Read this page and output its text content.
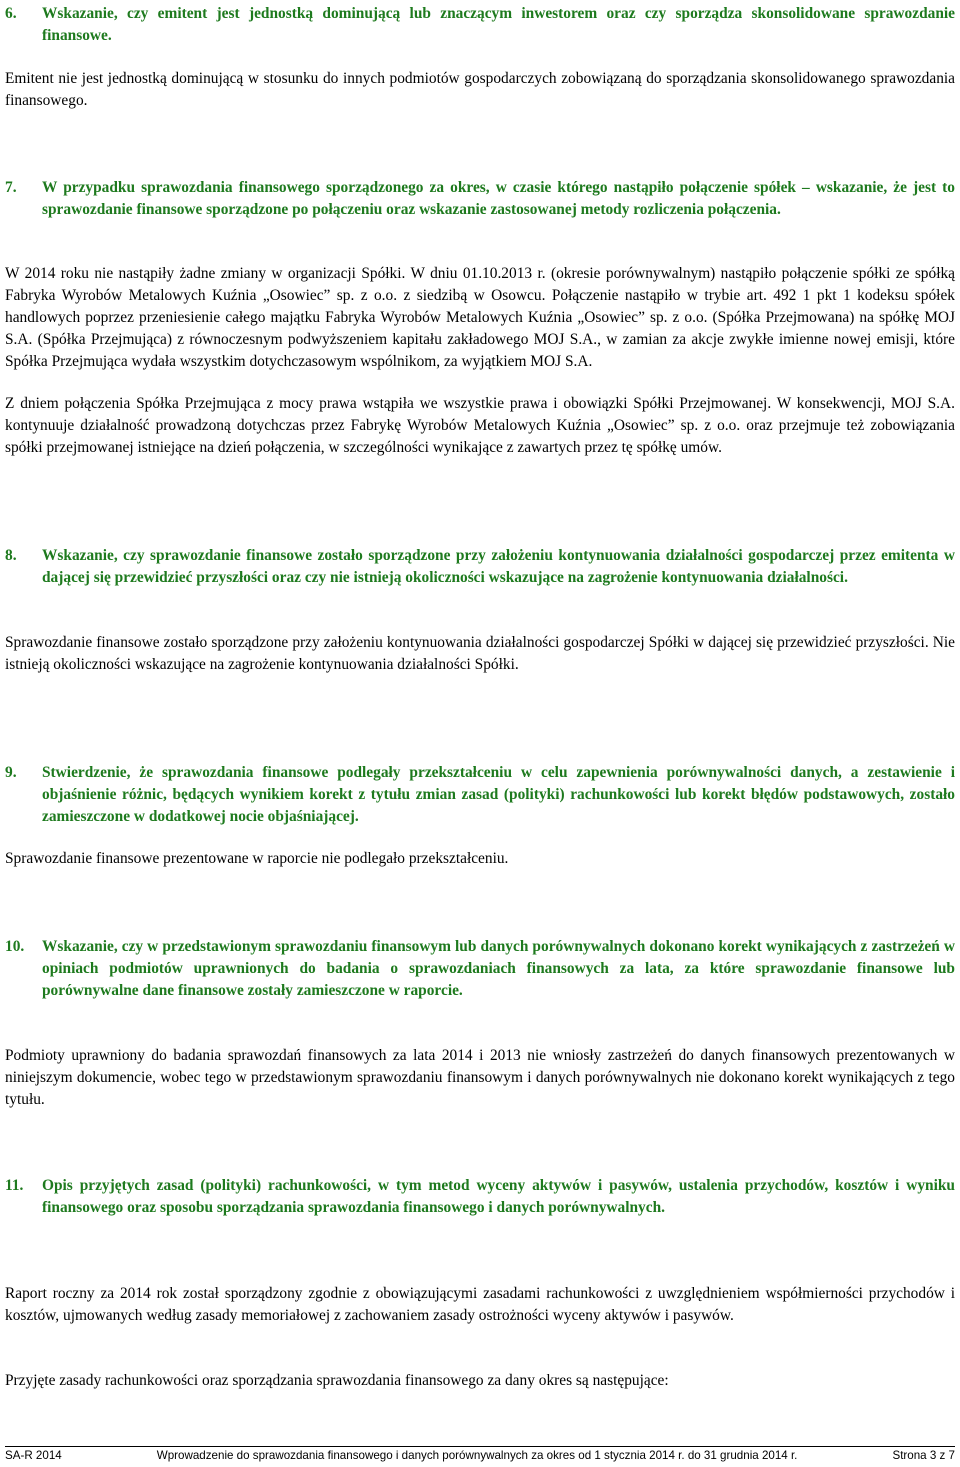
6.	Wskazanie, czy emitent jest jednostką dominującą lub znaczącym inwestorem oraz czy sporządza skonsolidowane sprawozdanie finansowe.
Emitent nie jest jednostką dominującą w stosunku do innych podmiotów gospodarczych zobowiązaną do sporządzania skonsolidowanego sprawozdania finansowego.
7.	W przypadku sprawozdania finansowego sporządzonego za okres, w czasie którego nastąpiło połączenie spółek – wskazanie, że jest to sprawozdanie finansowe sporządzone po połączeniu oraz wskazanie zastosowanej metody rozliczenia połączenia.
W 2014 roku nie nastąpiły żadne zmiany w organizacji Spółki. W dniu 01.10.2013 r. (okresie porównywalnym) nastąpiło połączenie spółki ze spółką Fabryka Wyrobów Metalowych Kuźnia „Osowiec” sp. z o.o. z siedzibą w Osowcu. Połączenie nastąpiło w trybie art. 492 1 pkt 1 kodeksu spółek handlowych poprzez przeniesienie całego majątku Fabryka Wyrobów Metalowych Kuźnia „Osowiec” sp. z o.o. (Spółka Przejmowana) na spółkę MOJ S.A. (Spółka Przejmująca) z równoczesnym podwyższeniem kapitału zakładowego MOJ S.A., w zamian za akcje zwykłe imienne nowej emisji, które Spółka Przejmująca wydała wszystkim dotychczasowym wspólnikom, za wyjątkiem MOJ S.A.
Z dniem połączenia Spółka Przejmująca z mocy prawa wstąpiła we wszystkie prawa i obowiązki Spółki Przejmowanej. W konsekwencji, MOJ S.A. kontynuuje działalność prowadzoną dotychczas przez Fabrykę Wyrobów Metalowych Kuźnia „Osowiec” sp. z o.o. oraz przejmuje też zobowiązania spółki przejmowanej istniejące na dzień połączenia, w szczególności wynikające z zawartych przez tę spółkę umów.
8.	Wskazanie, czy sprawozdanie finansowe zostało sporządzone przy założeniu kontynuowania działalności gospodarczej przez emitenta w dającej się przewidzieć przyszłości oraz czy nie istnieją okoliczności wskazujące na zagrożenie kontynuowania działalności.
Sprawozdanie finansowe zostało sporządzone przy założeniu kontynuowania działalności gospodarczej Spółki w dającej się przewidzieć przyszłości. Nie istnieją okoliczności wskazujące na zagrożenie kontynuowania działalności Spółki.
9.	Stwierdzenie, że sprawozdania finansowe podlegały przekształceniu w celu zapewnienia porównywalności danych, a zestawienie i objaśnienie różnic, będących wynikiem korekt z tytułu zmian zasad (polityki) rachunkowości lub korekt błędów podstawowych, zostało zamieszczone w dodatkowej nocie objaśniającej.
Sprawozdanie finansowe prezentowane w raporcie nie podlegało przekształceniu.
10.	Wskazanie, czy w przedstawionym sprawozdaniu finansowym lub danych porównywalnych dokonano korekt wynikających z zastrzeżeń w opiniach podmiotów uprawnionych do badania o sprawozdaniach finansowych za lata, za które sprawozdanie finansowe lub porównywalne dane finansowe zostały zamieszczone w raporcie.
Podmioty uprawniony do badania sprawozdań finansowych za lata 2014 i 2013 nie wniosły zastrzeżeń do danych finansowych prezentowanych w niniejszym dokumencie, wobec tego w przedstawionym sprawozdaniu finansowym i danych porównywalnych nie dokonano korekt wynikających z tego tytułu.
11.	Opis przyjętych zasad (polityki) rachunkowości, w tym metod wyceny aktywów i pasywów, ustalenia przychodów, kosztów i wyniku finansowego oraz sposobu sporządzania sprawozdania finansowego i danych porównywalnych.
Raport roczny za 2014 rok został sporządzony zgodnie z obowiązującymi zasadami rachunkowości z uwzględnieniem współmierności przychodów i kosztów, ujmowanych według zasady memoriałowej z zachowaniem zasady ostrożności wyceny aktywów i pasywów.
Przyjęte zasady rachunkowości oraz sporządzania sprawozdania finansowego za dany okres są następujące:
SA-R 2014	Wprowadzenie do sprawozdania finansowego i danych porównywalnych za okres od 1 stycznia 2014 r. do 31 grudnia 2014 r.	Strona 3 z 7
